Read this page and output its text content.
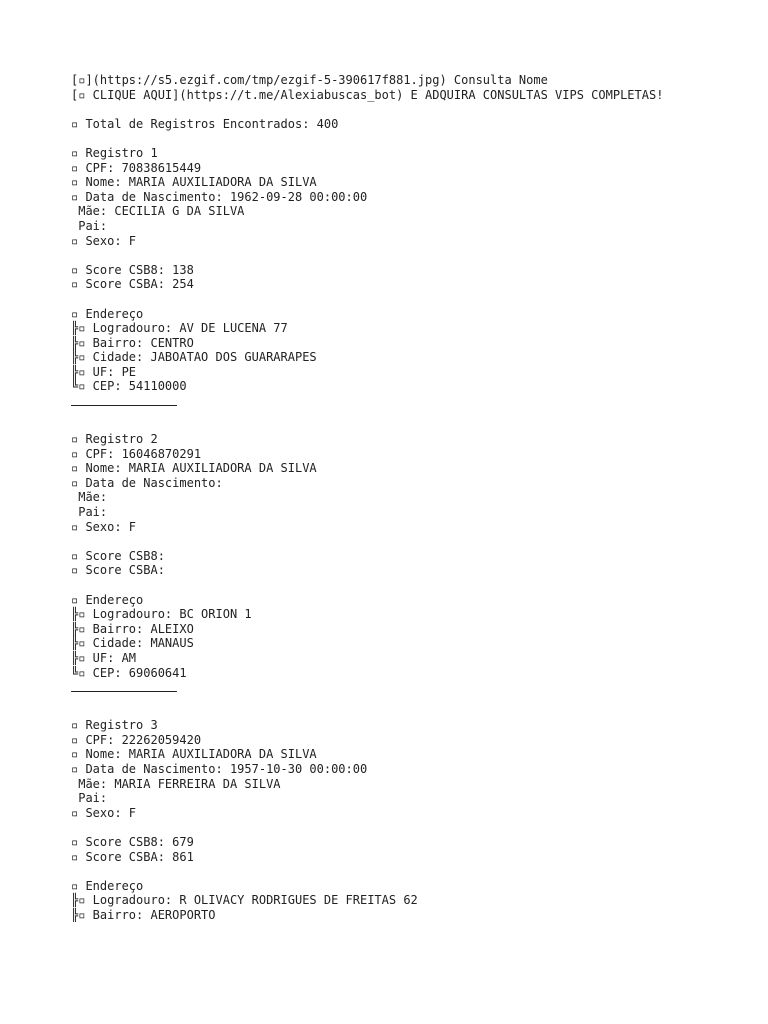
[▫](https://s5.ezgif.com/tmp/ezgif-5-390617f881.jpg) Consulta Nome
[▫ CLIQUE AQUI](https://t.me/Alexiabuscas_bot) E ADQUIRA CONSULTAS VIPS COMPLETAS!
▫ Total de Registros Encontrados: 400
▫ Registro 1
▫ CPF: 70838615449
▫ Nome: MARIA AUXILIADORA DA SILVA
▫ Data de Nascimento: 1962-09-28 00:00:00
Mãe: CECILIA G DA SILVA
Pai:
▫ Sexo: F
▫ Score CSB8: 138
▫ Score CSBA: 254
▫ Endereço
╠▫ Logradouro: AV DE LUCENA 77
╠▫ Bairro: CENTRO
╠▫ Cidade: JABOATAO DOS GUARARAPES
╠▫ UF: PE
╚▫ CEP: 54110000
▫ Registro 2
▫ CPF: 16046870291
▫ Nome: MARIA AUXILIADORA DA SILVA
▫ Data de Nascimento:
Mãe:
Pai:
▫ Sexo: F
▫ Score CSB8:
▫ Score CSBA:
▫ Endereço
╠▫ Logradouro: BC ORION 1
╠▫ Bairro: ALEIXO
╠▫ Cidade: MANAUS
╠▫ UF: AM
╚▫ CEP: 69060641
▫ Registro 3
▫ CPF: 22262059420
▫ Nome: MARIA AUXILIADORA DA SILVA
▫ Data de Nascimento: 1957-10-30 00:00:00
Mãe: MARIA FERREIRA DA SILVA
Pai:
▫ Sexo: F
▫ Score CSB8: 679
▫ Score CSBA: 861
▫ Endereço
╠▫ Logradouro: R OLIVACY RODRIGUES DE FREITAS 62
╠▫ Bairro: AEROPORTO
